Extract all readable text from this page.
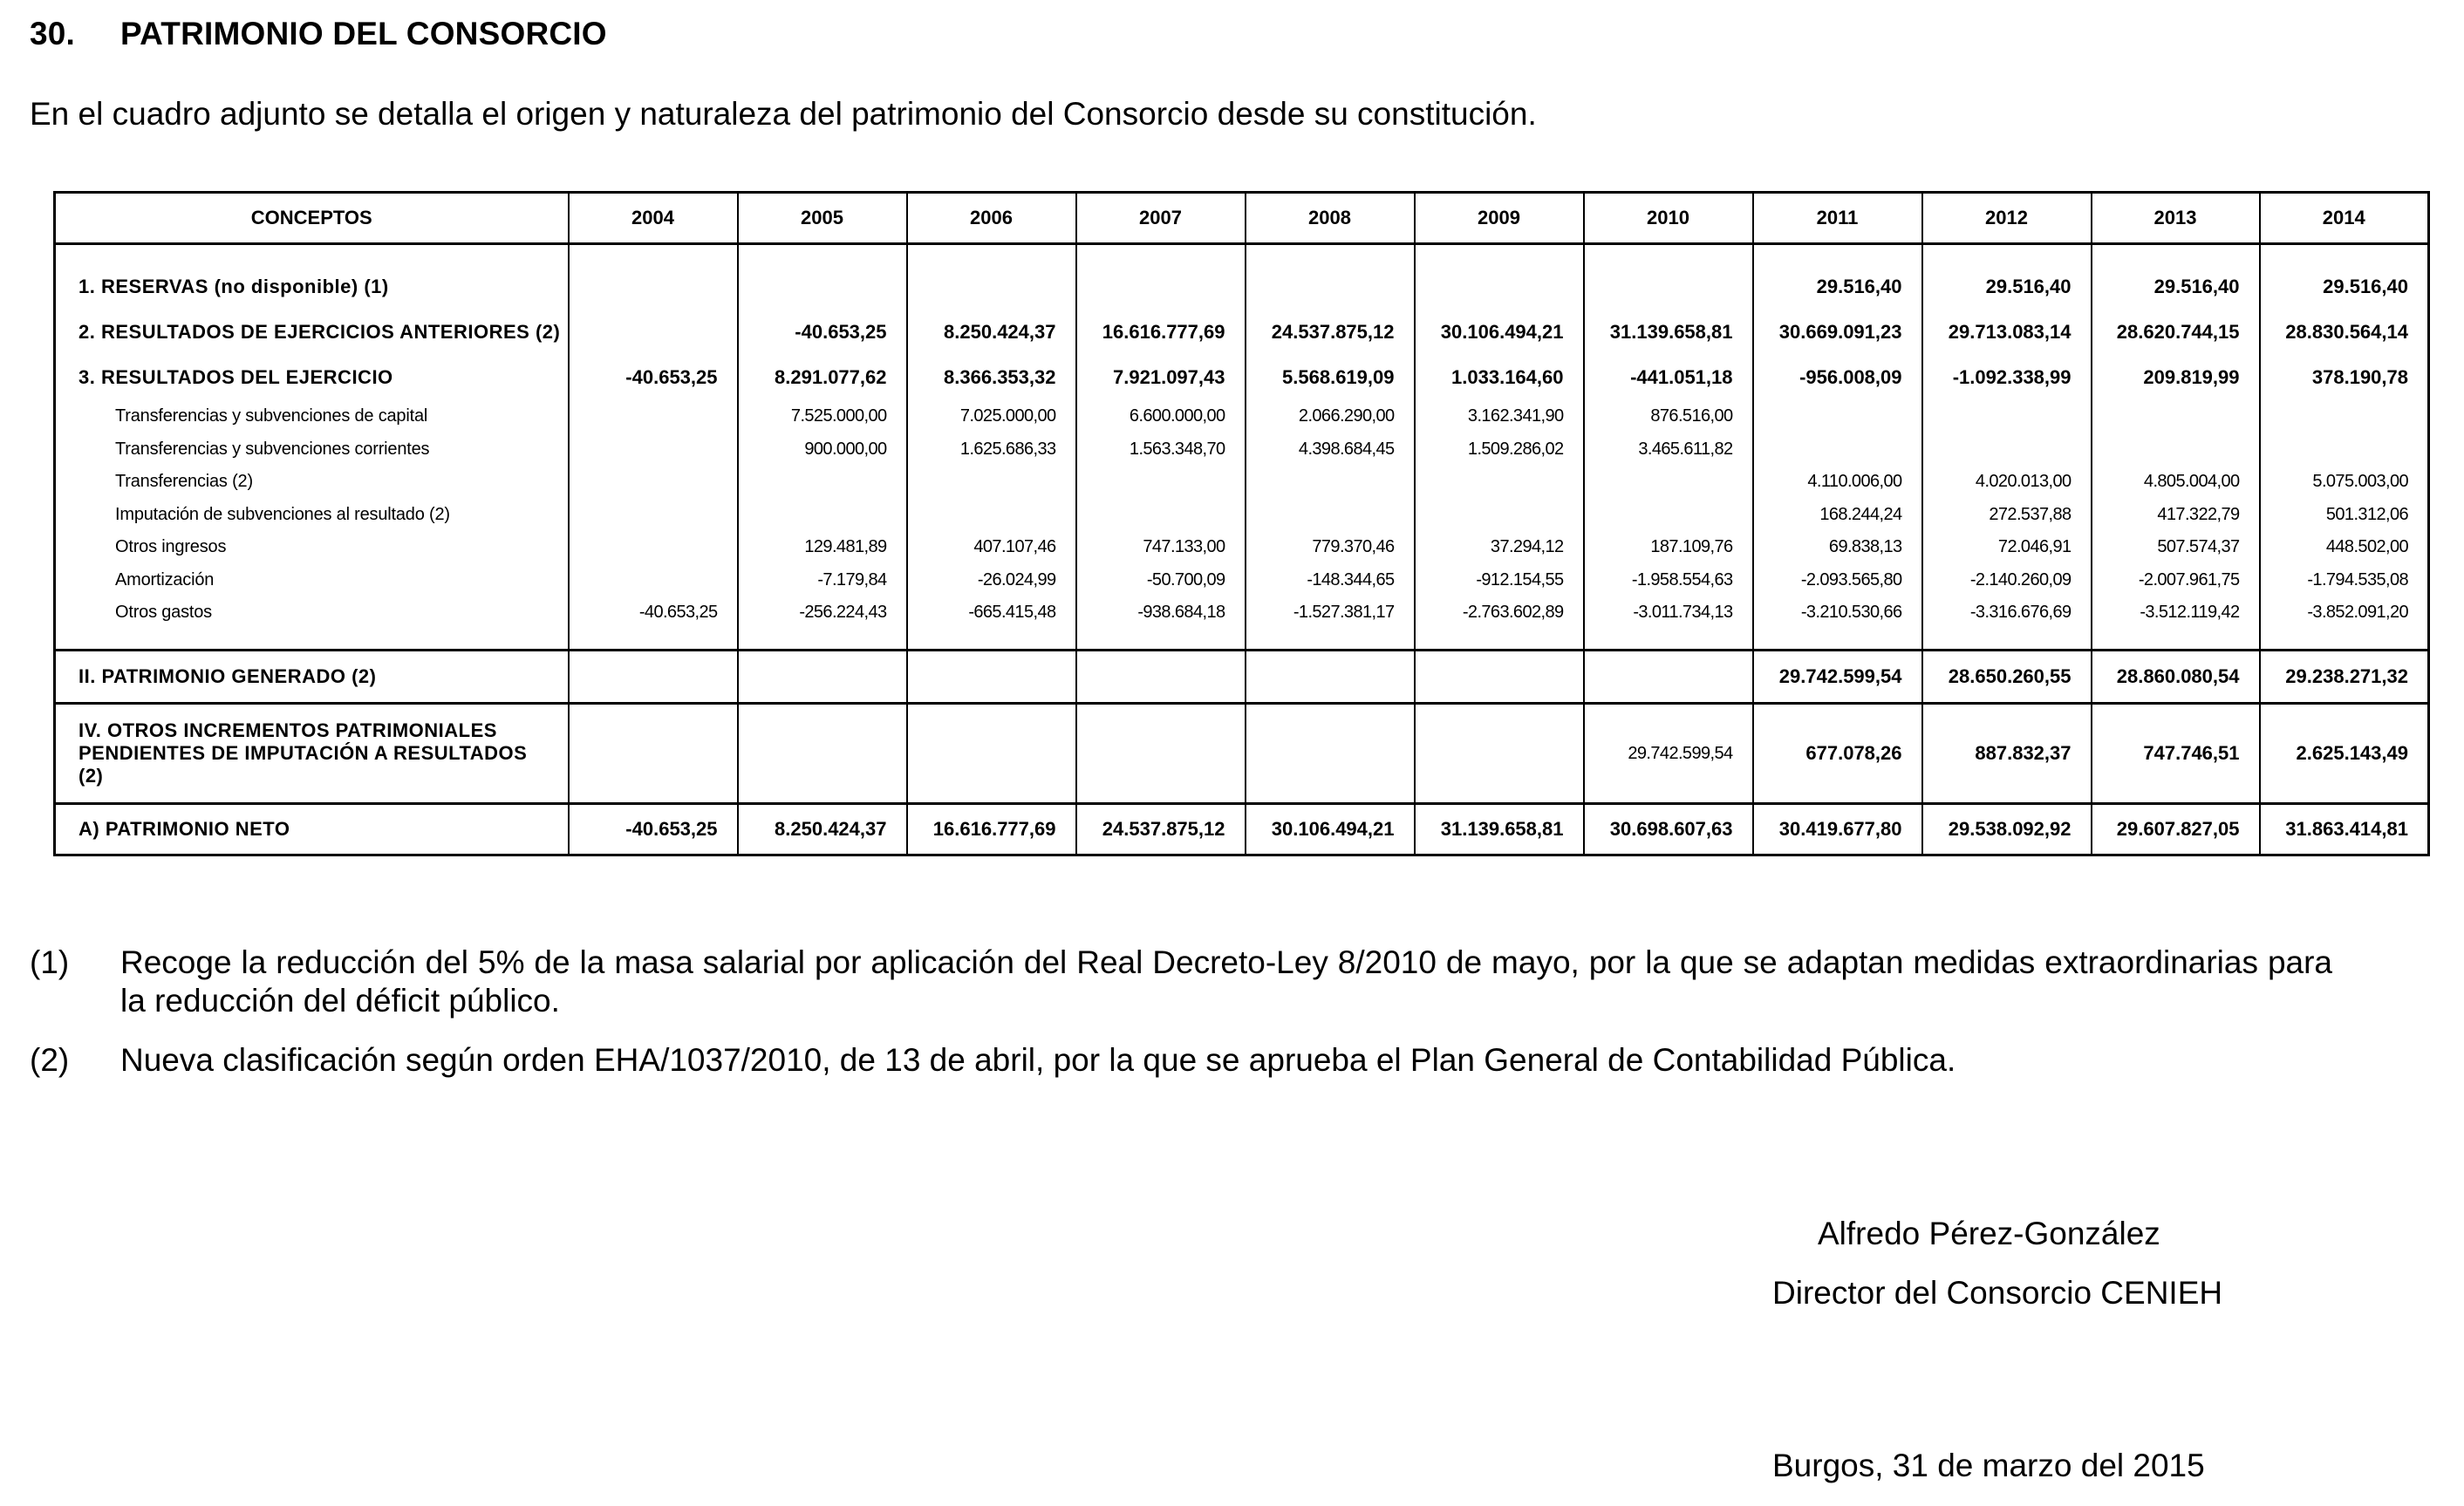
30. PATRIMONIO DEL CONSORCIO
En el cuadro adjunto se detalla el origen y naturaleza del patrimonio del Consorcio desde su constitución.
CONCEPTOS	2004	2005	2006	2007	2008	2009	2010	2011	2012	2013	2014
1. RESERVAS (no disponible) (1)								29.516,40	29.516,40	29.516,40	29.516,40
2. RESULTADOS DE EJERCICIOS ANTERIORES (2)		-40.653,25	8.250.424,37	16.616.777,69	24.537.875,12	30.106.494,21	31.139.658,81	30.669.091,23	29.713.083,14	28.620.744,15	28.830.564,14
3. RESULTADOS DEL EJERCICIO	-40.653,25	8.291.077,62	8.366.353,32	7.921.097,43	5.568.619,09	1.033.164,60	-441.051,18	-956.008,09	-1.092.338,99	209.819,99	378.190,78
Transferencias y subvenciones de capital		7.525.000,00	7.025.000,00	6.600.000,00	2.066.290,00	3.162.341,90	876.516,00				
Transferencias y subvenciones corrientes		900.000,00	1.625.686,33	1.563.348,70	4.398.684,45	1.509.286,02	3.465.611,82				
Transferencias (2)								4.110.006,00	4.020.013,00	4.805.004,00	5.075.003,00
Imputación de subvenciones al resultado (2)								168.244,24	272.537,88	417.322,79	501.312,06
Otros ingresos		129.481,89	407.107,46	747.133,00	779.370,46	37.294,12	187.109,76	69.838,13	72.046,91	507.574,37	448.502,00
Amortización		-7.179,84	-26.024,99	-50.700,09	-148.344,65	-912.154,55	-1.958.554,63	-2.093.565,80	-2.140.260,09	-2.007.961,75	-1.794.535,08
Otros gastos	-40.653,25	-256.224,43	-665.415,48	-938.684,18	-1.527.381,17	-2.763.602,89	-3.011.734,13	-3.210.530,66	-3.316.676,69	-3.512.119,42	-3.852.091,20

II. PATRIMONIO GENERADO (2)								29.742.599,54	28.650.260,55	28.860.080,54	29.238.271,32

IV. OTROS INCREMENTOS PATRIMONIALES
PENDIENTES DE IMPUTACIÓN A RESULTADOS
(2)							29.742.599,54	677.078,26	887.832,37	747.746,51	2.625.143,49
A) PATRIMONIO NETO	-40.653,25	8.250.424,37	16.616.777,69	24.537.875,12	30.106.494,21	31.139.658,81	30.698.607,63	30.419.677,80	29.538.092,92	29.607.827,05	31.863.414,81
(1)	Recoge la reducción del 5% de la masa salarial por aplicación del Real Decreto-Ley 8/2010 de mayo, por la que se adaptan medidas extraordinarias para la reducción del déficit público.
(2)	Nueva clasificación según orden EHA/1037/2010, de 13 de abril, por la que se aprueba el Plan General de Contabilidad Pública.
Alfredo Pérez-González
Director del Consorcio CENIEH
Burgos, 31 de marzo del 2015
